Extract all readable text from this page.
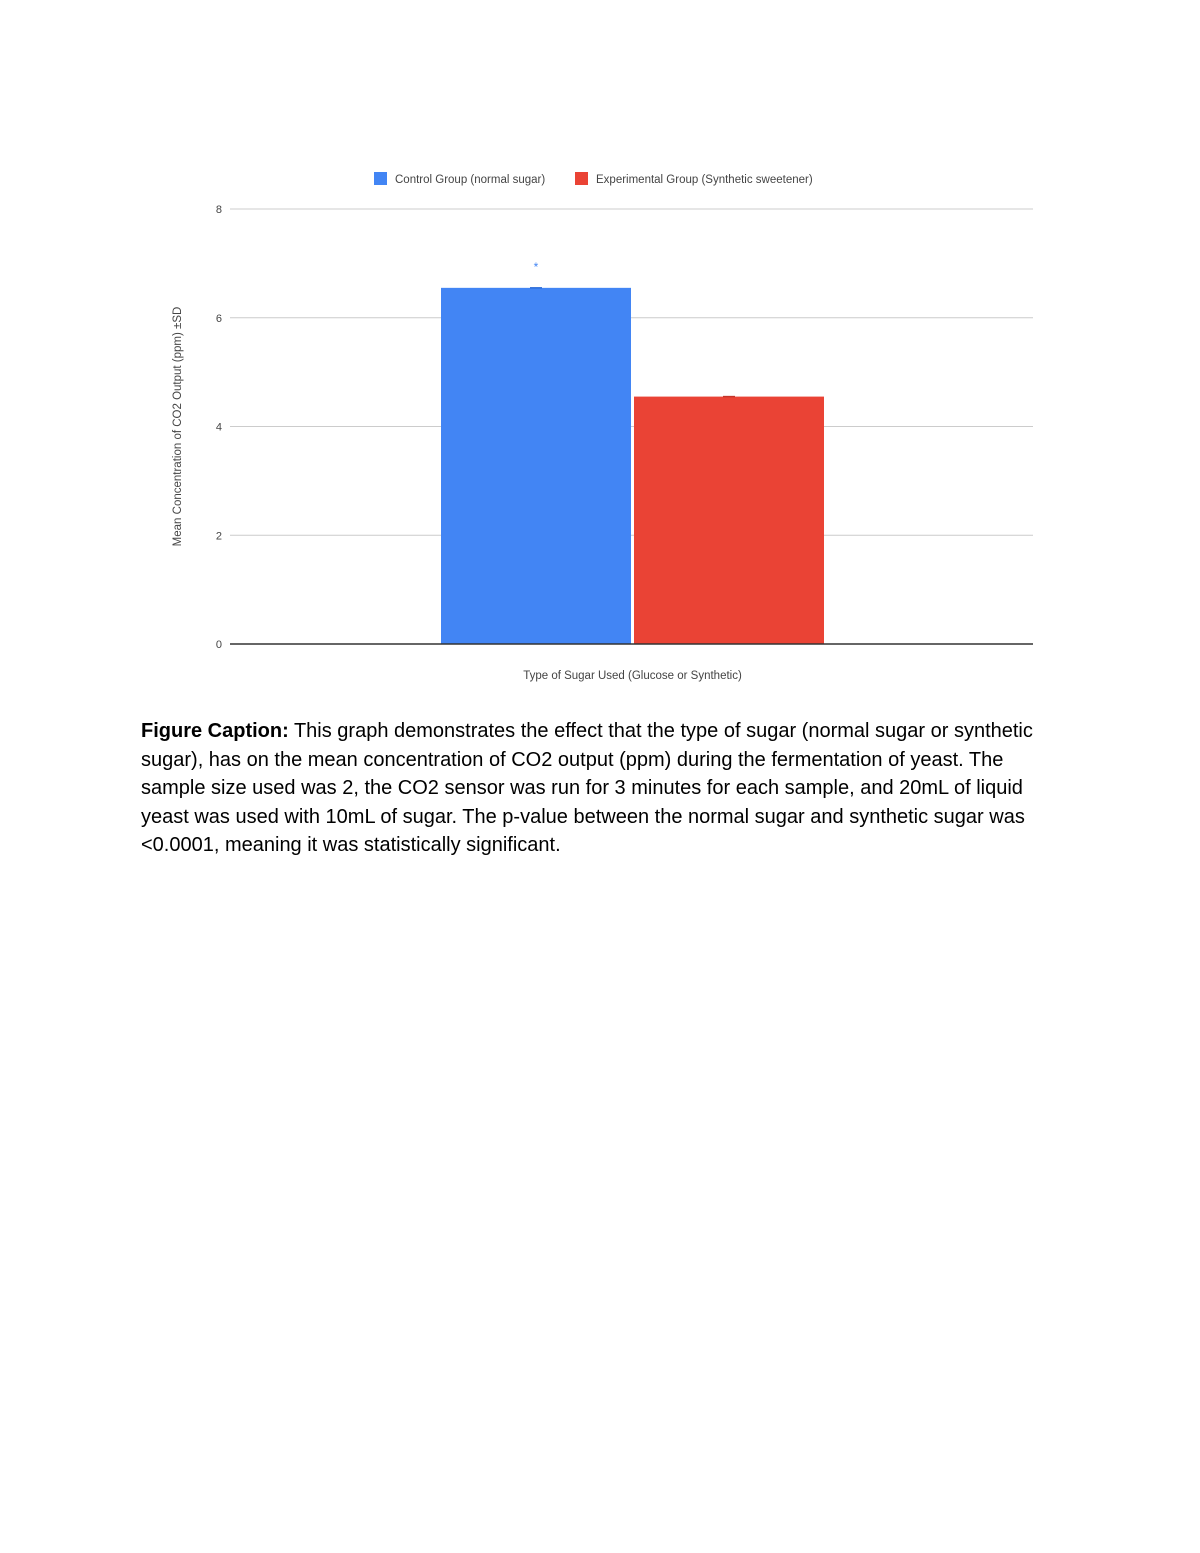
0
2
4
6
8
*
Control Group (normal sugar)	Experimental Group (Synthetic sweetener)
Type of Sugar Used (Glucose or Synthetic)
Mean Concentration of CO2 Output (ppm) ±SD
Figure Caption: This graph demonstrates the effect that the type of sugar (normal sugar or synthetic sugar), has on the mean concentration of CO2 output (ppm) during the fermentation of yeast. The sample size used was 2, the CO2 sensor was run for 3 minutes for each sample, and 20mL of liquid yeast was used with 10mL of sugar. The p-value between the normal sugar and synthetic sugar was <0.0001, meaning it was statistically significant.
